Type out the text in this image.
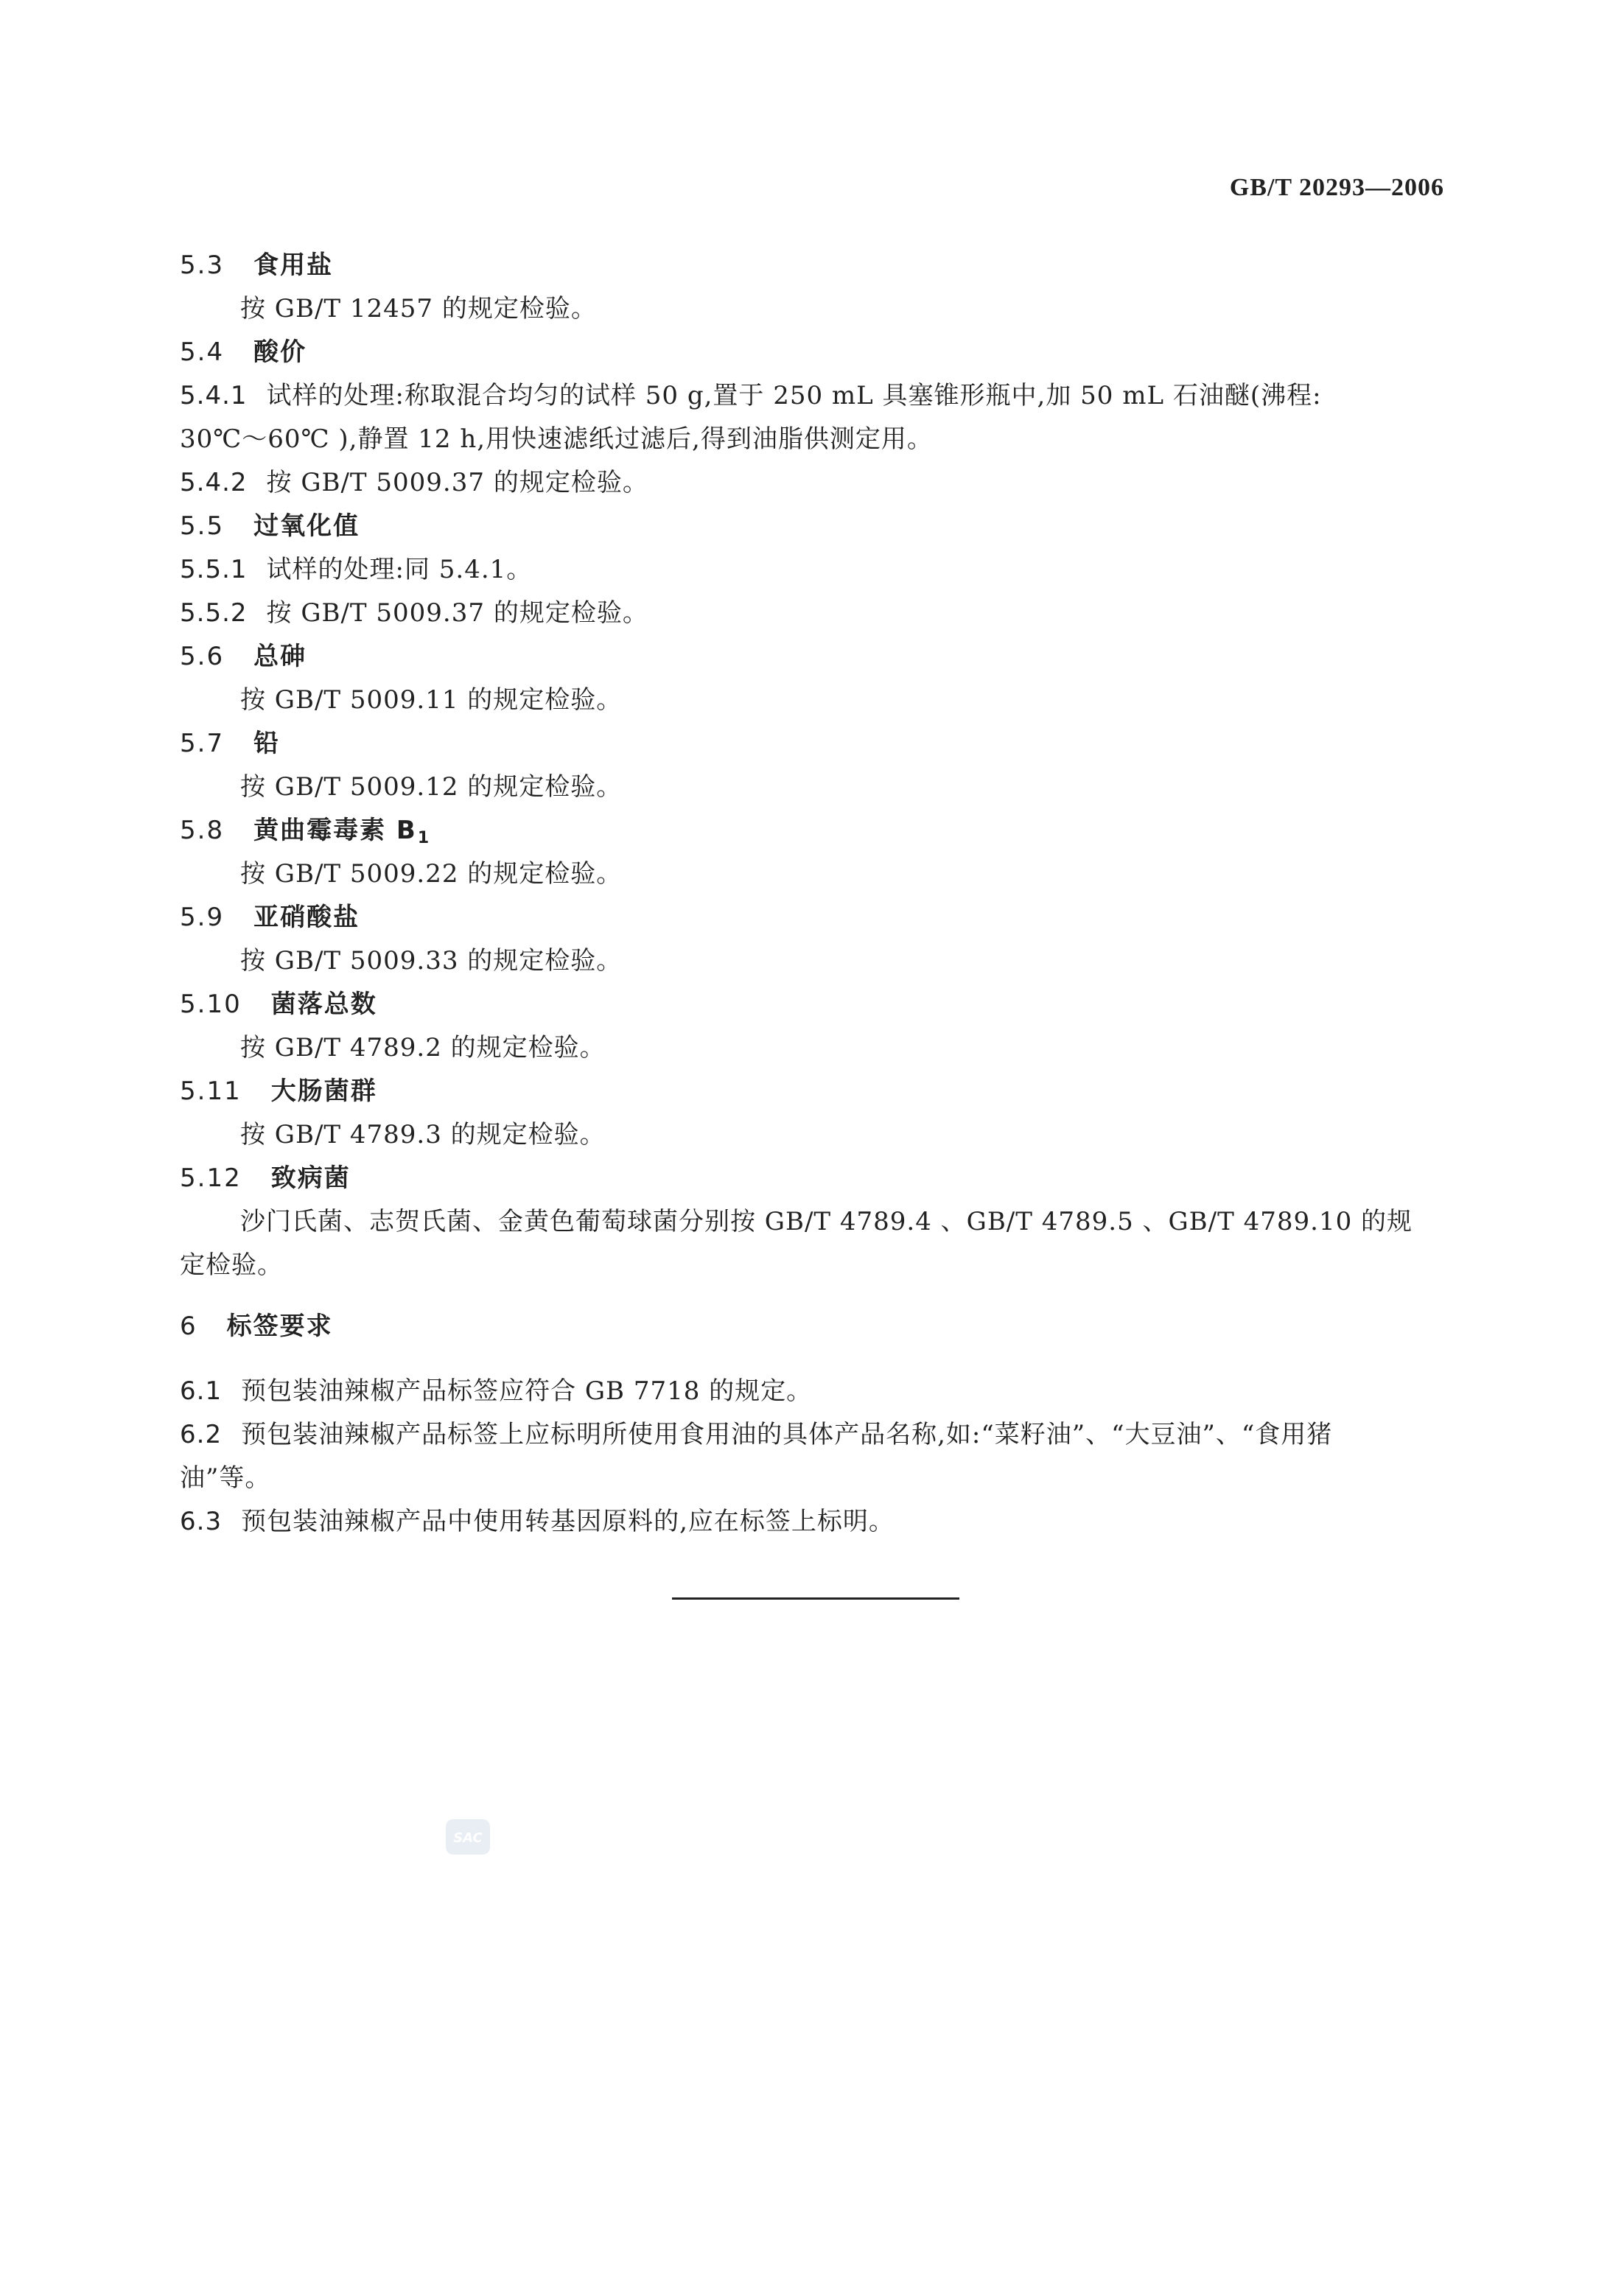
GB/T 20293—2006
5.3 食用盐
按 GB/T 12457 的规定检验。
5.4 酸价
5.4.1 试样的处理:称取混合均匀的试样 50 g,置于 250 mL 具塞锥形瓶中,加 50 mL 石油醚(沸程:
30℃～60℃ ),静置 12 h,用快速滤纸过滤后,得到油脂供测定用。
5.4.2 按 GB/T 5009.37 的规定检验。
5.5 过氧化值
5.5.1 试样的处理:同 5.4.1。
5.5.2 按 GB/T 5009.37 的规定检验。
5.6 总砷
按 GB/T 5009.11 的规定检验。
5.7 铅
按 GB/T 5009.12 的规定检验。
5.8 黄曲霉毒素 $B_1$
按 GB/T 5009.22 的规定检验。
5.9 亚硝酸盐
按 GB/T 5009.33 的规定检验。
5.10 菌落总数
按 GB/T 4789.2 的规定检验。
5.11 大肠菌群
按 GB/T 4789.3 的规定检验。
5.12 致病菌
沙门氏菌、志贺氏菌、金黄色葡萄球菌分别按 GB/T 4789.4 、GB/T 4789.5 、GB/T 4789.10 的规
定检验。
6 标签要求
6.1 预包装油辣椒产品标签应符合 GB 7718 的规定。
6.2 预包装油辣椒产品标签上应标明所使用食用油的具体产品名称,如:“菜籽油”、“大豆油”、“食用猪
油”等。
6.3 预包装油辣椒产品中使用转基因原料的,应在标签上标明。
SAC
